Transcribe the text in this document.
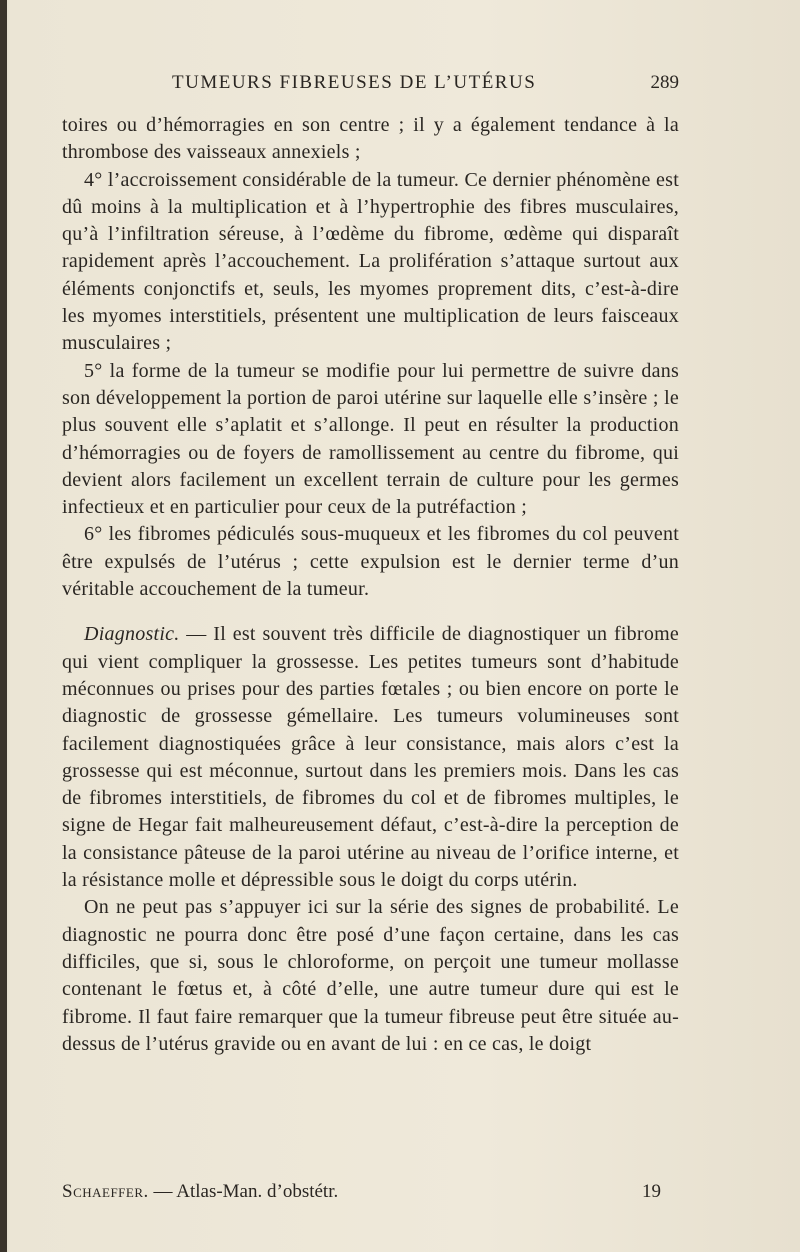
TUMEURS FIBREUSES DE L’UTÉRUS	289

toires ou d’hémorragies en son centre ; il y a également tendance à la thrombose des vaisseaux annexiels ;

4° l’accroissement considérable de la tumeur. Ce dernier phénomène est dû moins à la multiplication et à l’hypertrophie des fibres musculaires, qu’à l’infiltration séreuse, à l’œdème du fibrome, œdème qui disparaît rapidement après l’accouchement. La prolifération s’attaque surtout aux éléments conjonctifs et, seuls, les myomes proprement dits, c’est-à-dire les myomes interstitiels, présentent une multiplication de leurs faisceaux musculaires ;

5° la forme de la tumeur se modifie pour lui permettre de suivre dans son développement la portion de paroi utérine sur laquelle elle s’insère ; le plus souvent elle s’aplatit et s’allonge. Il peut en résulter la production d’hémorragies ou de foyers de ramollissement au centre du fibrome, qui devient alors facilement un excellent terrain de culture pour les germes infectieux et en particulier pour ceux de la putréfaction ;

6° les fibromes pédiculés sous-muqueux et les fibromes du col peuvent être expulsés de l’utérus ; cette expulsion est le dernier terme d’un véritable accouchement de la tumeur.

Diagnostic. — Il est souvent très difficile de diagnostiquer un fibrome qui vient compliquer la grossesse. Les petites tumeurs sont d’habitude méconnues ou prises pour des parties fœtales ; ou bien encore on porte le diagnostic de grossesse gémellaire. Les tumeurs volumineuses sont facilement diagnostiquées grâce à leur consistance, mais alors c’est la grossesse qui est méconnue, surtout dans les premiers mois. Dans les cas de fibromes interstitiels, de fibromes du col et de fibromes multiples, le signe de Hegar fait malheureusement défaut, c’est-à-dire la perception de la consistance pâteuse de la paroi utérine au niveau de l’orifice interne, et la résistance molle et dépressible sous le doigt du corps utérin.

On ne peut pas s’appuyer ici sur la série des signes de probabilité. Le diagnostic ne pourra donc être posé d’une façon certaine, dans les cas difficiles, que si, sous le chloroforme, on perçoit une tumeur mollasse contenant le fœtus et, à côté d’elle, une autre tumeur dure qui est le fibrome. Il faut faire remarquer que la tumeur fibreuse peut être située au-dessus de l’utérus gravide ou en avant de lui : en ce cas, le doigt

Schaeffer. — Atlas-Man. d’obstétr.	19
